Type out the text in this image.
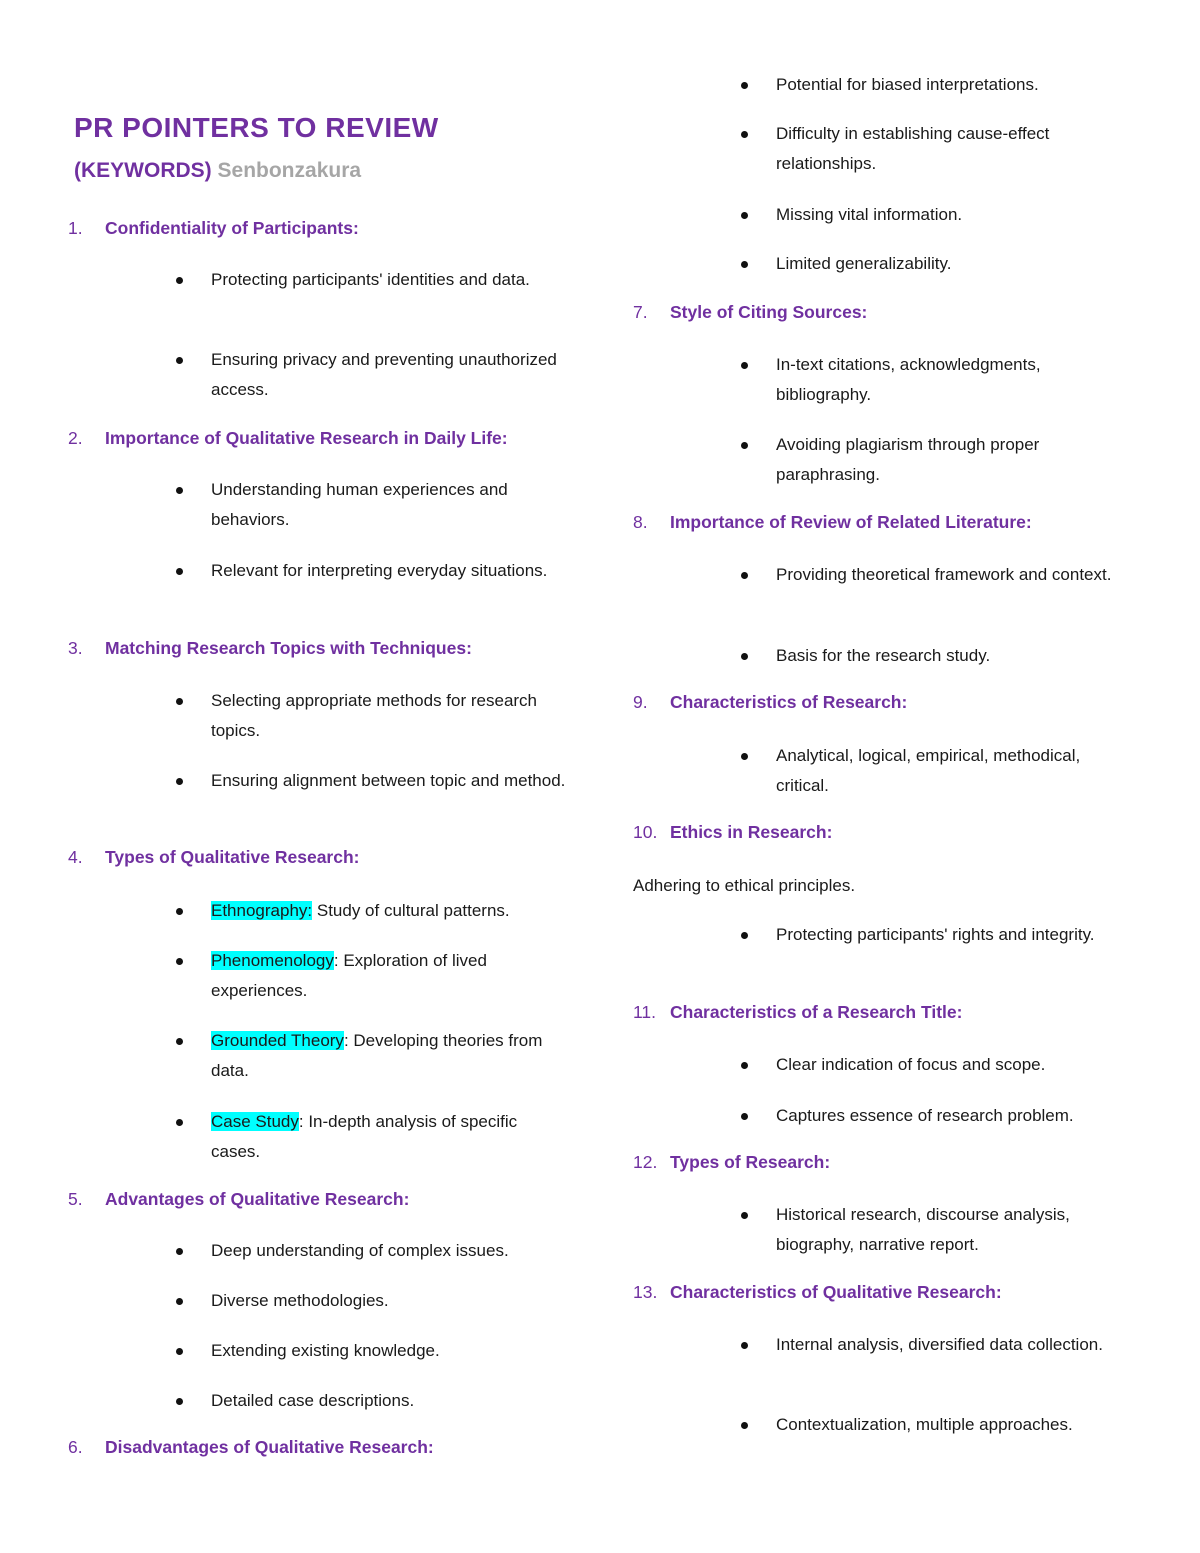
PR POINTERS TO REVIEW
(KEYWORDS) Senbonzakura

1. Confidentiality of Participants:

Protecting participants' identities and data.

Ensuring privacy and preventing unauthorized access.

2. Importance of Qualitative Research in Daily Life:

Understanding human experiences and behaviors.

Relevant for interpreting everyday situations.

3. Matching Research Topics with Techniques:

Selecting appropriate methods for research topics.

Ensuring alignment between topic and method.

4. Types of Qualitative Research:

Ethnography: Study of cultural patterns.

Phenomenology: Exploration of lived experiences.

Grounded Theory: Developing theories from data.

Case Study: In-depth analysis of specific cases.

5. Advantages of Qualitative Research:

Deep understanding of complex issues.

Diverse methodologies.

Extending existing knowledge.

Detailed case descriptions.

6. Disadvantages of Qualitative Research:

Potential for biased interpretations.

Difficulty in establishing cause-effect relationships.

Missing vital information.

Limited generalizability.

7. Style of Citing Sources:

In-text citations, acknowledgments, bibliography.

Avoiding plagiarism through proper paraphrasing.

8. Importance of Review of Related Literature:

Providing theoretical framework and context.

Basis for the research study.

9. Characteristics of Research:

Analytical, logical, empirical, methodical, critical.

10. Ethics in Research:

Adhering to ethical principles.

Protecting participants' rights and integrity.

11. Characteristics of a Research Title:

Clear indication of focus and scope.

Captures essence of research problem.

12. Types of Research:

Historical research, discourse analysis, biography, narrative report.

13. Characteristics of Qualitative Research:

Internal analysis, diversified data collection.

Contextualization, multiple approaches.
